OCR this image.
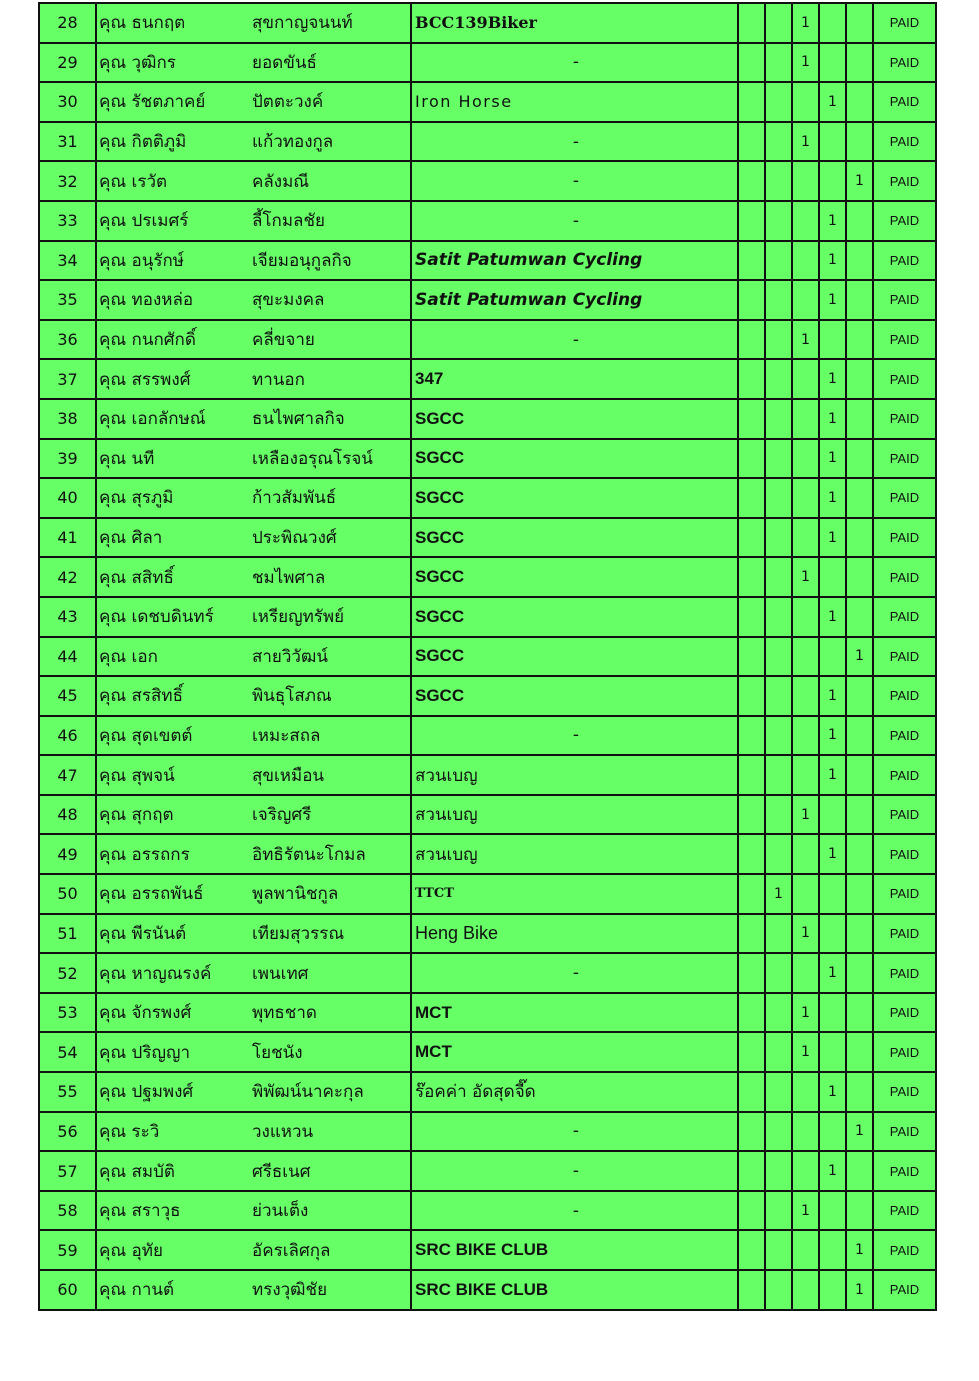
28	คุณ ธนกฤต	สุขกาญจนนท์	BCC139Biker			1			PAID
29	คุณ วุฒิกร	ยอดขันธ์	-			1			PAID
30	คุณ รัชตภาคย์	ปัตตะวงค์	Iron Horse				1		PAID
31	คุณ กิตติภูมิ	แก้วทองกูล	-			1			PAID
32	คุณ เรวัต	คลังมณี	-					1	PAID
33	คุณ ปรเมศร์	ลี้โกมลชัย	-				1		PAID
34	คุณ อนุรักษ์	เจียมอนุกูลกิจ	Satit Patumwan Cycling				1		PAID
35	คุณ ทองหล่อ	สุขะมงคล	Satit Patumwan Cycling				1		PAID
36	คุณ กนกศักดิ์	คลี่ขจาย	-			1			PAID
37	คุณ สรรพงศ์	ทานอก	347				1		PAID
38	คุณ เอกลักษณ์	ธนไพศาลกิจ	SGCC				1		PAID
39	คุณ นที	เหลืองอรุณโรจน์	SGCC				1		PAID
40	คุณ สุรภูมิ	ก้าวสัมพันธ์	SGCC				1		PAID
41	คุณ ศิลา	ประพิณวงศ์	SGCC				1		PAID
42	คุณ สสิทธิ์	ชมไพศาล	SGCC			1			PAID
43	คุณ เดชบดินทร์	เหรียญทรัพย์	SGCC				1		PAID
44	คุณ เอก	สายวิวัฒน์	SGCC					1	PAID
45	คุณ สรสิทธิ์	พินธุโสภณ	SGCC				1		PAID
46	คุณ สุดเขตต์	เหมะสถล	-				1		PAID
47	คุณ สุพจน์	สุขเหมือน	สวนเบญ				1		PAID
48	คุณ สุกฤต	เจริญศรี	สวนเบญ			1			PAID
49	คุณ อรรถกร	อิทธิรัตนะโกมล	สวนเบญ				1		PAID
50	คุณ อรรถพันธ์	พูลพานิชกูล	TTCT		1				PAID
51	คุณ พีรนันต์	เทียมสุวรรณ	Heng Bike			1			PAID
52	คุณ หาญณรงค์	เพนเทศ	-				1		PAID
53	คุณ จักรพงศ์	พุทธชาด	MCT			1			PAID
54	คุณ ปริญญา	โยชนัง	MCT			1			PAID
55	คุณ ปฐมพงศ์	พิพัฒน์นาคะกุล	ร๊อคค่า อัดสุดจี๊ด				1		PAID
56	คุณ ระวิ	วงแหวน	-					1	PAID
57	คุณ สมบัติ	ศรีธเนศ	-				1		PAID
58	คุณ สราวุธ	ย่วนเต็ง	-			1			PAID
59	คุณ อุทัย	อัครเลิศกุล	SRC BIKE CLUB					1	PAID
60	คุณ กานต์	ทรงวุฒิชัย	SRC BIKE CLUB					1	PAID
